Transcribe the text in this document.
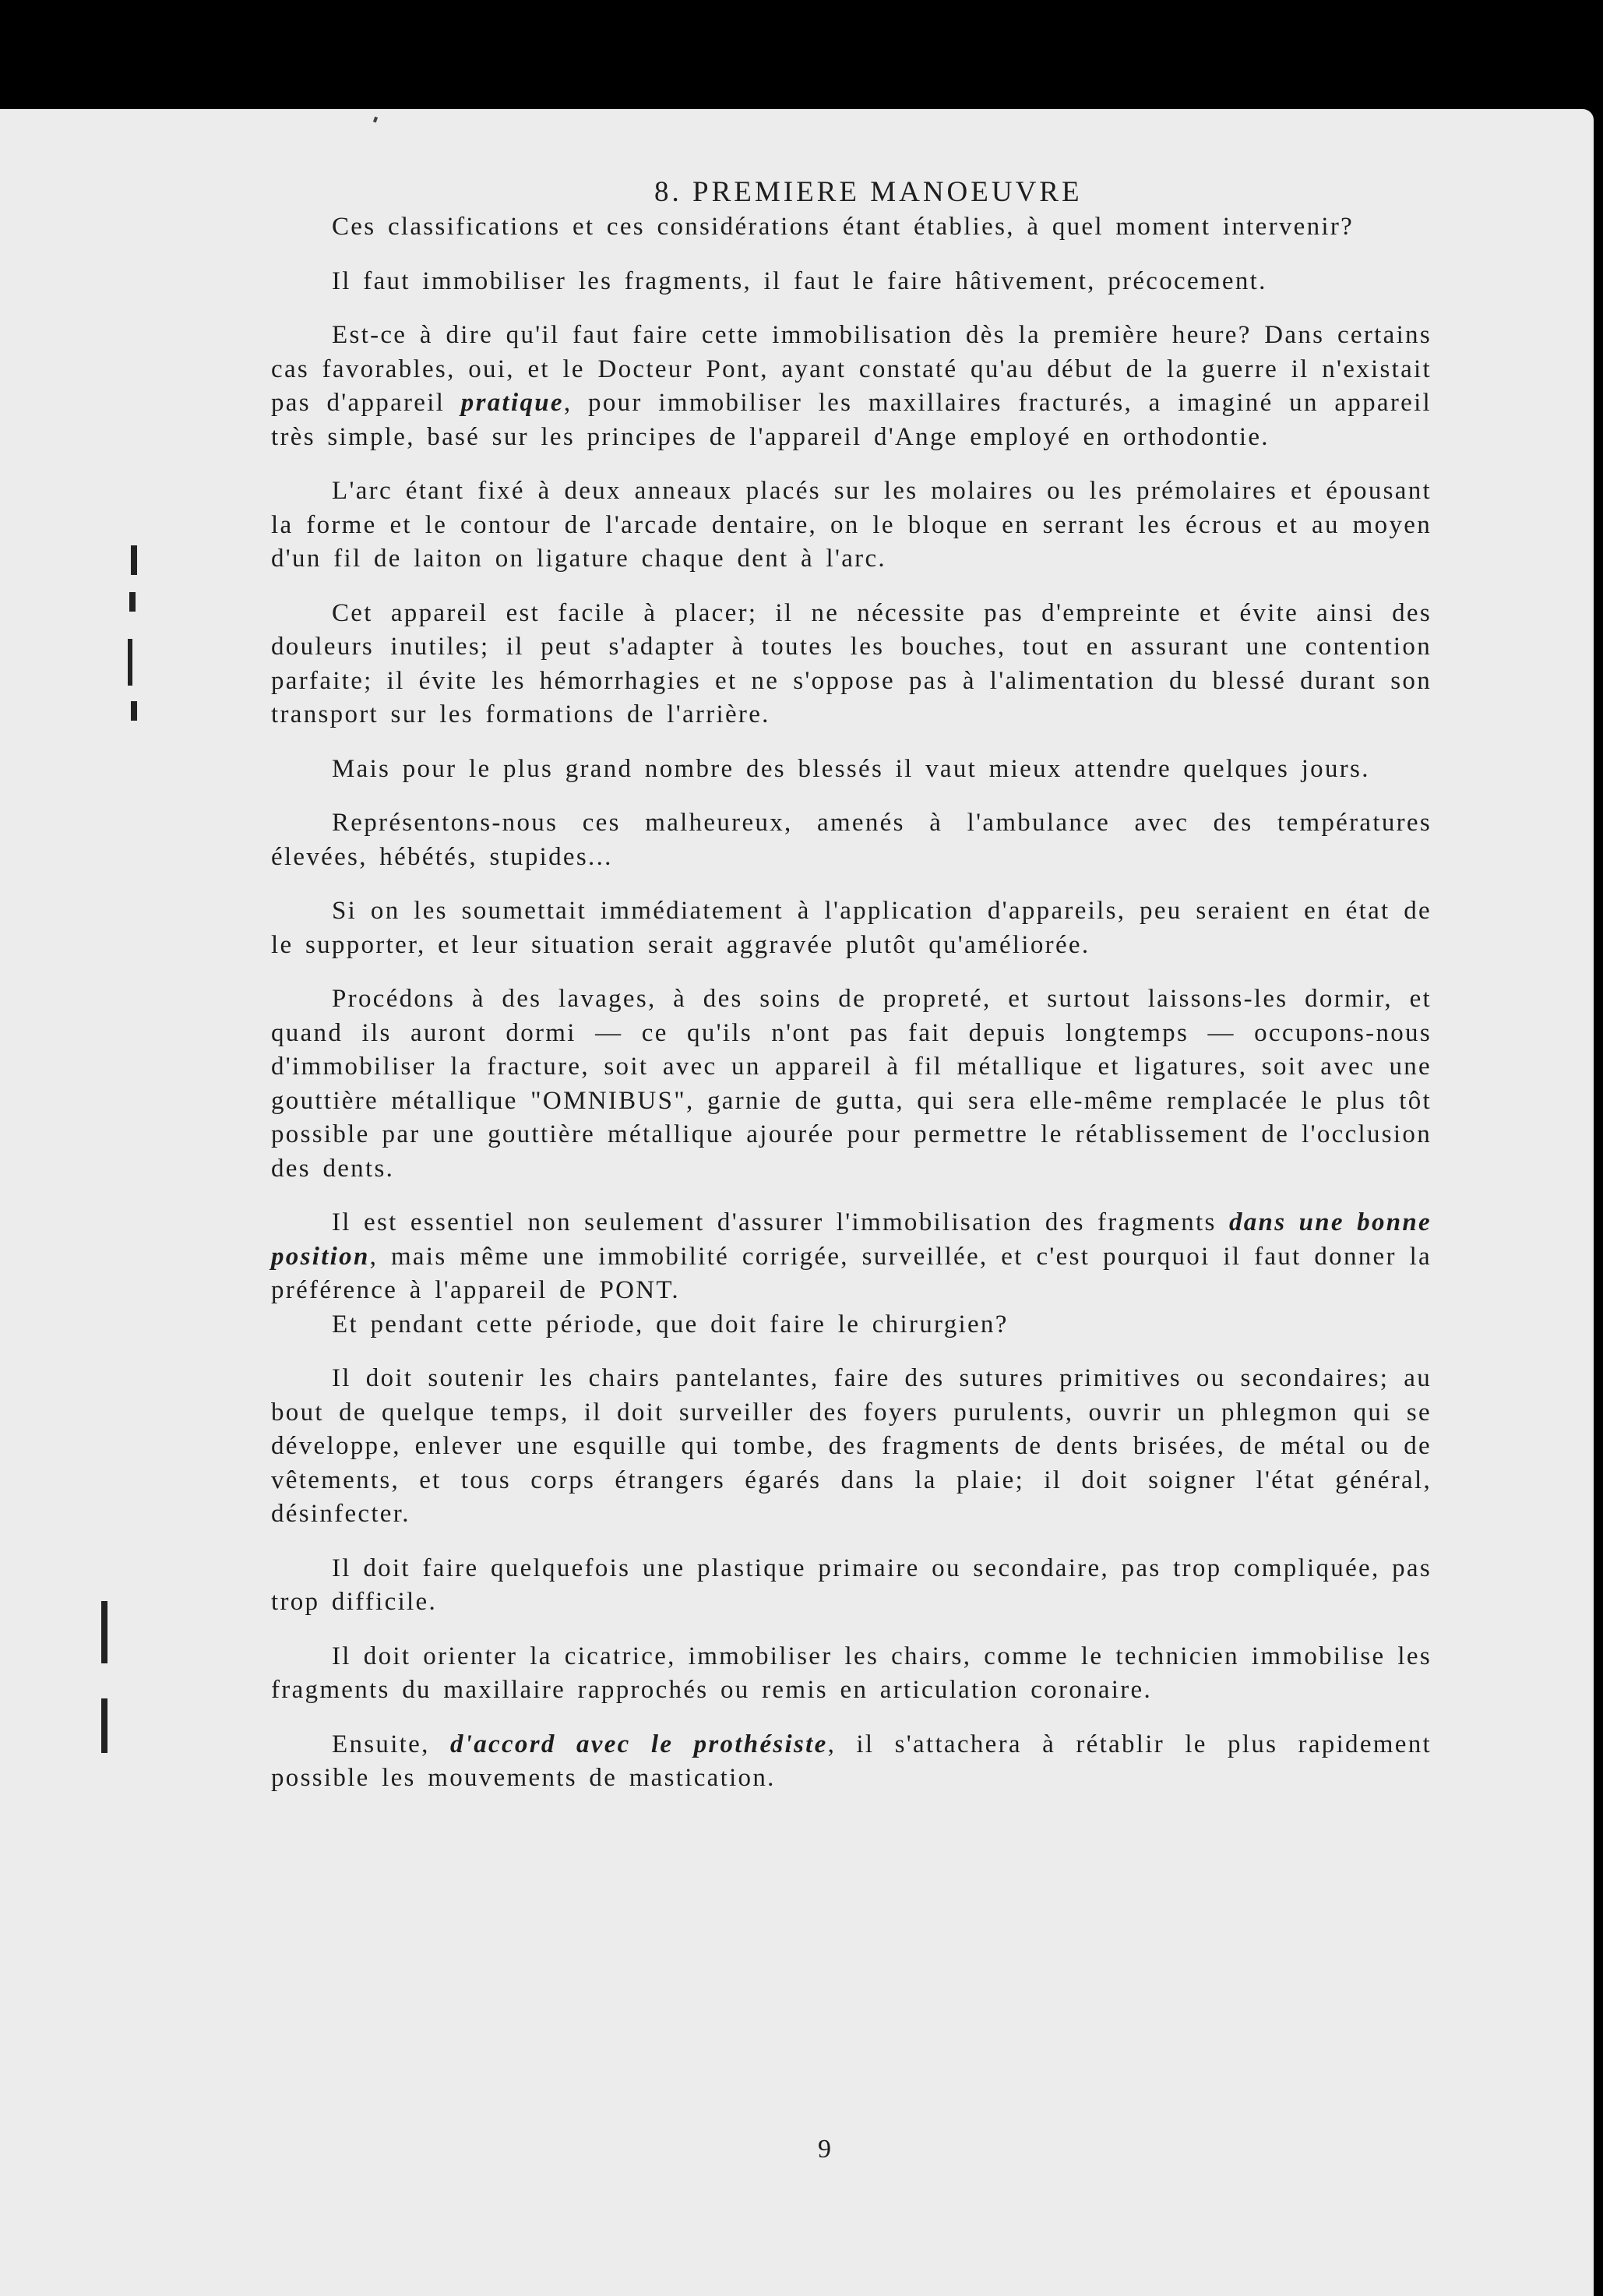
8. PREMIERE MANOEUVRE

Ces classifications et ces considérations étant établies, à quel moment intervenir?

Il faut immobiliser les fragments, il faut le faire hâtivement, précocement.

Est-ce à dire qu'il faut faire cette immobilisation dès la première heure? Dans certains cas favorables, oui, et le Docteur Pont, ayant constaté qu'au début de la guerre il n'existait pas d'appareil pratique, pour immobiliser les maxillaires fracturés, a imaginé un appareil très simple, basé sur les principes de l'appareil d'Ange employé en orthodontie.

L'arc étant fixé à deux anneaux placés sur les molaires ou les prémolaires et épousant la forme et le contour de l'arcade dentaire, on le bloque en serrant les écrous et au moyen d'un fil de laiton on ligature chaque dent à l'arc.

Cet appareil est facile à placer; il ne nécessite pas d'empreinte et évite ainsi des douleurs inutiles; il peut s'adapter à toutes les bouches, tout en assurant une contention parfaite; il évite les hémorrhagies et ne s'oppose pas à l'alimentation du blessé durant son transport sur les formations de l'arrière.

Mais pour le plus grand nombre des blessés il vaut mieux attendre quelques jours.

Représentons-nous ces malheureux, amenés à l'ambulance avec des températures élevées, hébétés, stupides...

Si on les soumettait immédiatement à l'application d'appareils, peu seraient en état de le supporter, et leur situation serait aggravée plutôt qu'améliorée.

Procédons à des lavages, à des soins de propreté, et surtout laissons-les dormir, et quand ils auront dormi — ce qu'ils n'ont pas fait depuis longtemps — occupons-nous d'immobiliser la fracture, soit avec un appareil à fil métallique et ligatures, soit avec une gouttière métallique "OMNIBUS", garnie de gutta, qui sera elle-même remplacée le plus tôt possible par une gouttière métallique ajourée pour permettre le rétablissement de l'occlusion des dents.

Il est essentiel non seulement d'assurer l'immobilisation des fragments dans une bonne position, mais même une immobilité corrigée, surveillée, et c'est pourquoi il faut donner la préférence à l'appareil de PONT.

Et pendant cette période, que doit faire le chirurgien?

Il doit soutenir les chairs pantelantes, faire des sutures primitives ou secondaires; au bout de quelque temps, il doit surveiller des foyers purulents, ouvrir un phlegmon qui se développe, enlever une esquille qui tombe, des fragments de dents brisées, de métal ou de vêtements, et tous corps étrangers égarés dans la plaie; il doit soigner l'état général, désinfecter.

Il doit faire quelquefois une plastique primaire ou secondaire, pas trop compliquée, pas trop difficile.

Il doit orienter la cicatrice, immobiliser les chairs, comme le technicien immobilise les fragments du maxillaire rapprochés ou remis en articulation coronaire.

Ensuite, d'accord avec le prothésiste, il s'attachera à rétablir le plus rapidement possible les mouvements de mastication.

9
